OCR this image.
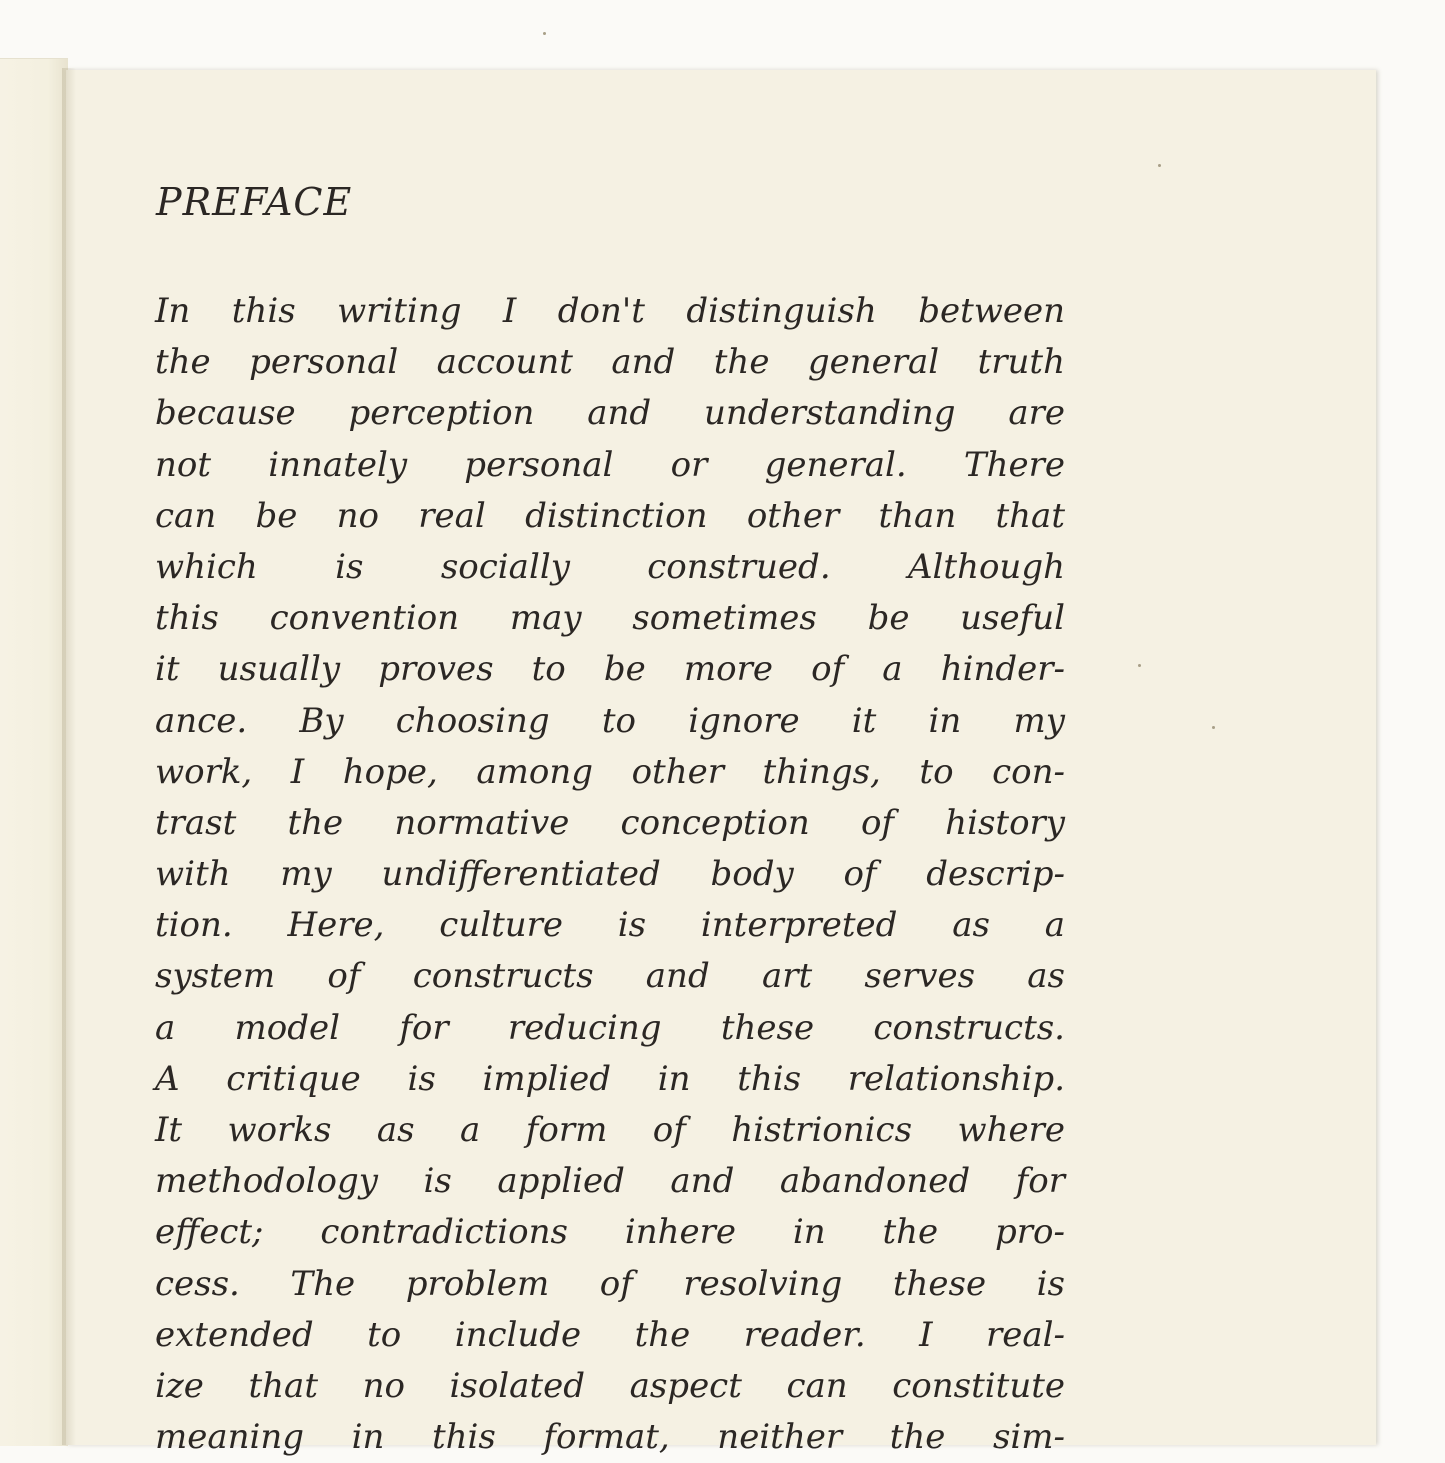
PREFACE
In this writing I don't distinguish between
the personal account and the general truth
because perception and understanding are
not innately personal or general. There
can be no real distinction other than that
which is socially construed. Although
this convention may sometimes be useful
it usually proves to be more of a hinder-
ance. By choosing to ignore it in my
work, I hope, among other things, to con-
trast the normative conception of history
with my undifferentiated body of descrip-
tion. Here, culture is interpreted as a
system of constructs and art serves as
a model for reducing these constructs.
A critique is implied in this relationship.
It works as a form of histrionics where
methodology is applied and abandoned for
effect; contradictions inhere in the pro-
cess. The problem of resolving these is
extended to include the reader. I real-
ize that no isolated aspect can constitute
meaning in this format, neither the sim-
